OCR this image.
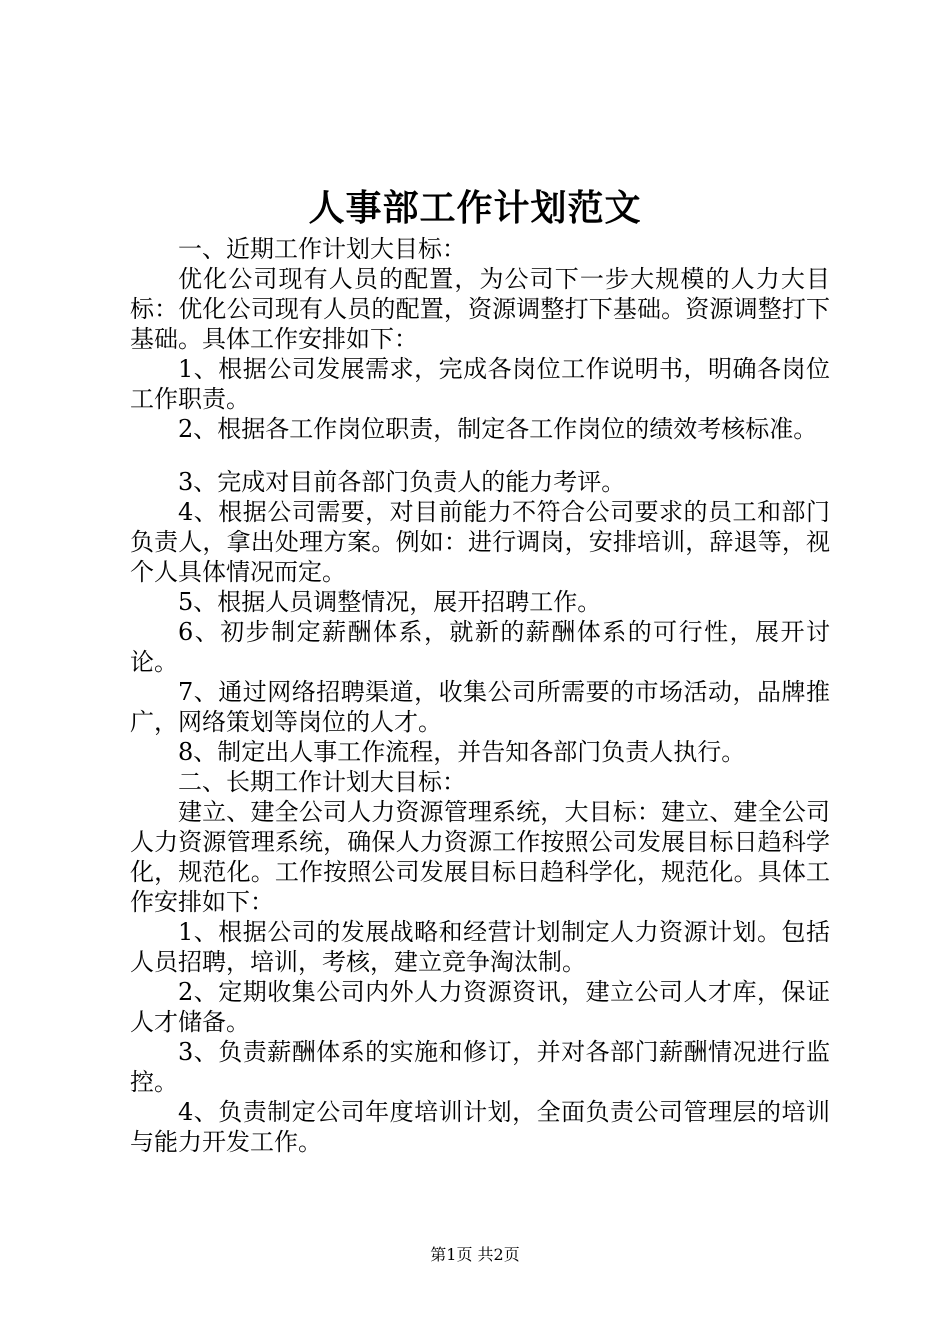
人事部工作计划范文

一、近期工作计划大目标：

优化公司现有人员的配置，为公司下一步大规模的人力大目标：优化公司现有人员的配置，资源调整打下基础。资源调整打下基础。具体工作安排如下：

1、根据公司发展需求，完成各岗位工作说明书，明确各岗位工作职责。

2、根据各工作岗位职责，制定各工作岗位的绩效考核标准。

3、完成对目前各部门负责人的能力考评。

4、根据公司需要，对目前能力不符合公司要求的员工和部门负责人，拿出处理方案。例如：进行调岗，安排培训，辞退等，视个人具体情况而定。

5、根据人员调整情况，展开招聘工作。

6、初步制定薪酬体系，就新的薪酬体系的可行性，展开讨论。

7、通过网络招聘渠道，收集公司所需要的市场活动，品牌推广，网络策划等岗位的人才。

8、制定出人事工作流程，并告知各部门负责人执行。

二、长期工作计划大目标：

建立、建全公司人力资源管理系统，大目标：建立、建全公司人力资源管理系统，确保人力资源工作按照公司发展目标日趋科学化，规范化。工作按照公司发展目标日趋科学化，规范化。具体工作安排如下：

1、根据公司的发展战略和经营计划制定人力资源计划。包括人员招聘，培训，考核，建立竞争淘汰制。

2、定期收集公司内外人力资源资讯，建立公司人才库，保证人才储备。

3、负责薪酬体系的实施和修订，并对各部门薪酬情况进行监控。

4、负责制定公司年度培训计划，全面负责公司管理层的培训与能力开发工作。

第1页 共2页
